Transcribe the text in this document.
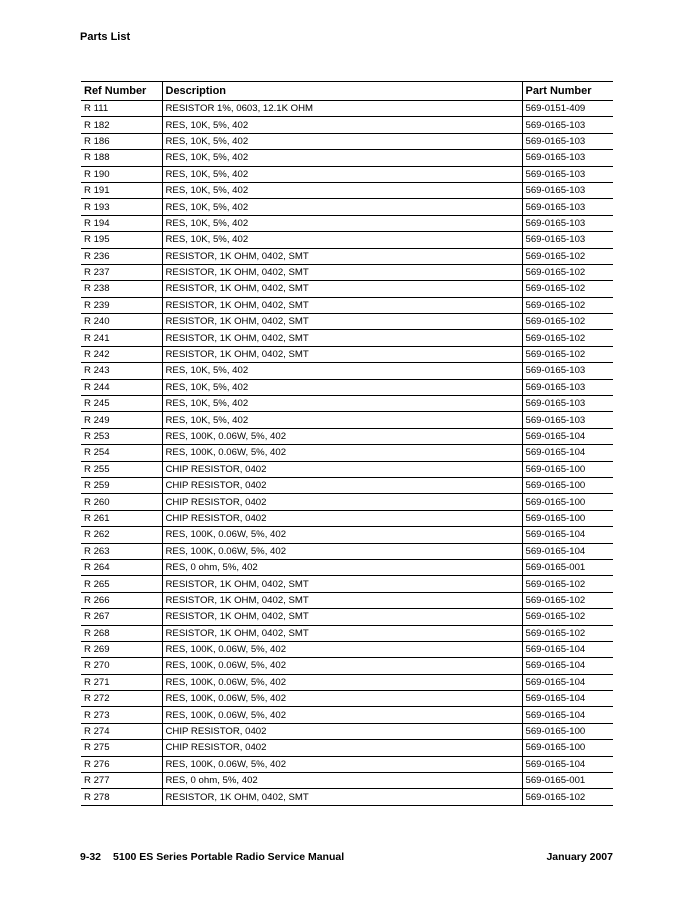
Parts List
Ref Number	Description	Part Number
R 111	RESISTOR 1%, 0603, 12.1K OHM	569-0151-409
R 182	RES, 10K, 5%, 402	569-0165-103
R 186	RES, 10K, 5%, 402	569-0165-103
R 188	RES, 10K, 5%, 402	569-0165-103
R 190	RES, 10K, 5%, 402	569-0165-103
R 191	RES, 10K, 5%, 402	569-0165-103
R 193	RES, 10K, 5%, 402	569-0165-103
R 194	RES, 10K, 5%, 402	569-0165-103
R 195	RES, 10K, 5%, 402	569-0165-103
R 236	RESISTOR, 1K OHM, 0402, SMT	569-0165-102
R 237	RESISTOR, 1K OHM, 0402, SMT	569-0165-102
R 238	RESISTOR, 1K OHM, 0402, SMT	569-0165-102
R 239	RESISTOR, 1K OHM, 0402, SMT	569-0165-102
R 240	RESISTOR, 1K OHM, 0402, SMT	569-0165-102
R 241	RESISTOR, 1K OHM, 0402, SMT	569-0165-102
R 242	RESISTOR, 1K OHM, 0402, SMT	569-0165-102
R 243	RES, 10K, 5%, 402	569-0165-103
R 244	RES, 10K, 5%, 402	569-0165-103
R 245	RES, 10K, 5%, 402	569-0165-103
R 249	RES, 10K, 5%, 402	569-0165-103
R 253	RES, 100K, 0.06W, 5%, 402	569-0165-104
R 254	RES, 100K, 0.06W, 5%, 402	569-0165-104
R 255	CHIP RESISTOR, 0402	569-0165-100
R 259	CHIP RESISTOR, 0402	569-0165-100
R 260	CHIP RESISTOR, 0402	569-0165-100
R 261	CHIP RESISTOR, 0402	569-0165-100
R 262	RES, 100K, 0.06W, 5%, 402	569-0165-104
R 263	RES, 100K, 0.06W, 5%, 402	569-0165-104
R 264	RES, 0 ohm, 5%, 402	569-0165-001
R 265	RESISTOR, 1K OHM, 0402, SMT	569-0165-102
R 266	RESISTOR, 1K OHM, 0402, SMT	569-0165-102
R 267	RESISTOR, 1K OHM, 0402, SMT	569-0165-102
R 268	RESISTOR, 1K OHM, 0402, SMT	569-0165-102
R 269	RES, 100K, 0.06W, 5%, 402	569-0165-104
R 270	RES, 100K, 0.06W, 5%, 402	569-0165-104
R 271	RES, 100K, 0.06W, 5%, 402	569-0165-104
R 272	RES, 100K, 0.06W, 5%, 402	569-0165-104
R 273	RES, 100K, 0.06W, 5%, 402	569-0165-104
R 274	CHIP RESISTOR, 0402	569-0165-100
R 275	CHIP RESISTOR, 0402	569-0165-100
R 276	RES, 100K, 0.06W, 5%, 402	569-0165-104
R 277	RES, 0 ohm, 5%, 402	569-0165-001
R 278	RESISTOR, 1K OHM, 0402, SMT	569-0165-102
9-32 5100 ES Series Portable Radio Service Manual	January 2007
